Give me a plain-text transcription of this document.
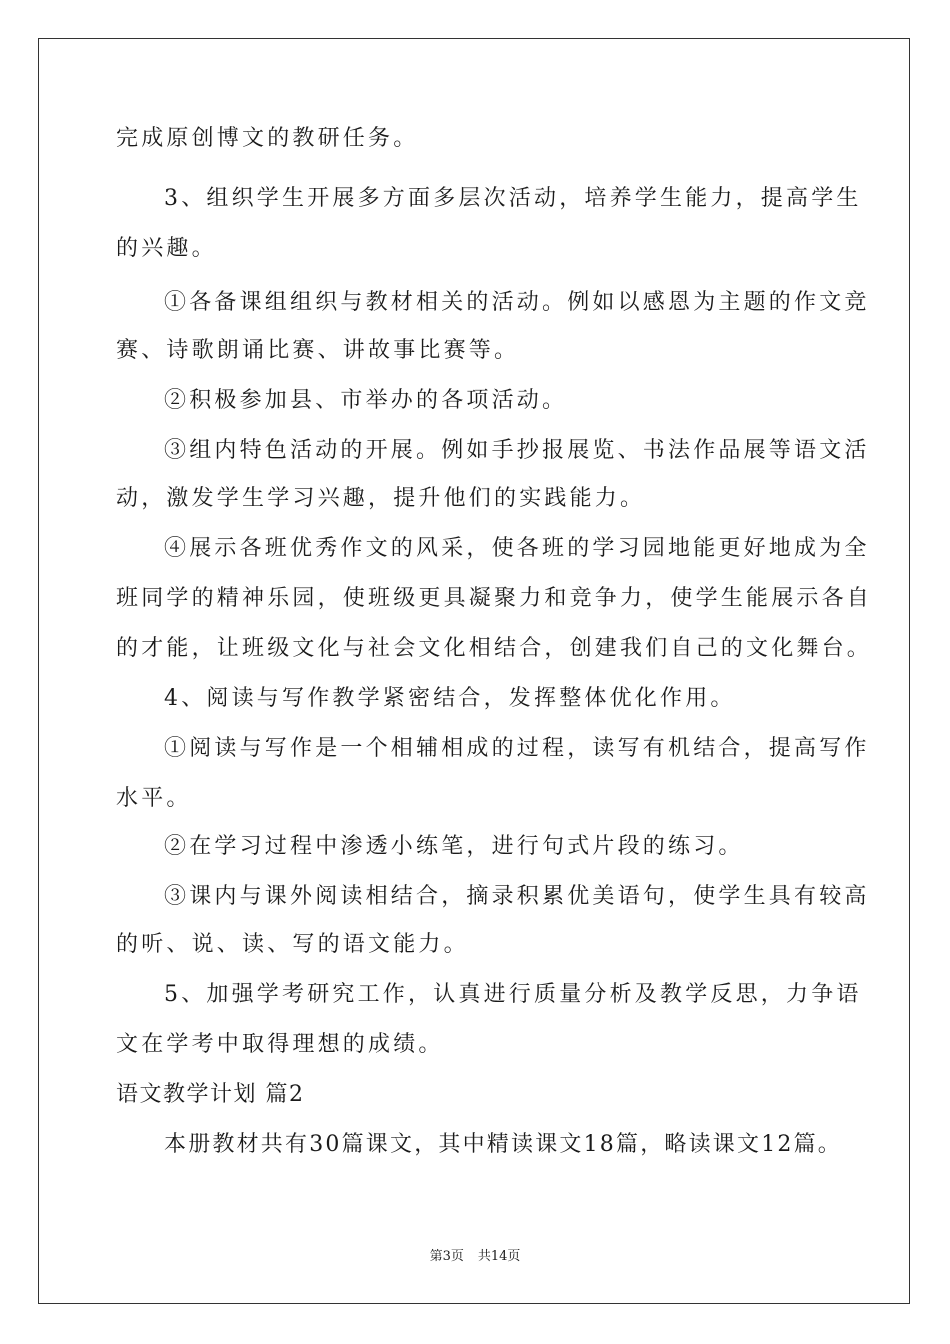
完成原创博文的教研任务。
3、组织学生开展多方面多层次活动，培养学生能力，提高学生
的兴趣。
①各备课组组织与教材相关的活动。例如以感恩为主题的作文竞
赛、诗歌朗诵比赛、讲故事比赛等。
②积极参加县、市举办的各项活动。
③组内特色活动的开展。例如手抄报展览、书法作品展等语文活
动，激发学生学习兴趣，提升他们的实践能力。
④展示各班优秀作文的风采，使各班的学习园地能更好地成为全
班同学的精神乐园，使班级更具凝聚力和竞争力，使学生能展示各自
的才能，让班级文化与社会文化相结合，创建我们自己的文化舞台。
4、阅读与写作教学紧密结合，发挥整体优化作用。
①阅读与写作是一个相辅相成的过程，读写有机结合，提高写作
水平。
②在学习过程中渗透小练笔，进行句式片段的练习。
③课内与课外阅读相结合，摘录积累优美语句，使学生具有较高
的听、说、读、写的语文能力。
5、加强学考研究工作，认真进行质量分析及教学反思，力争语
文在学考中取得理想的成绩。
语文教学计划 篇2
本册教材共有30篇课文，其中精读课文18篇，略读课文12篇。
第3页 共14页
